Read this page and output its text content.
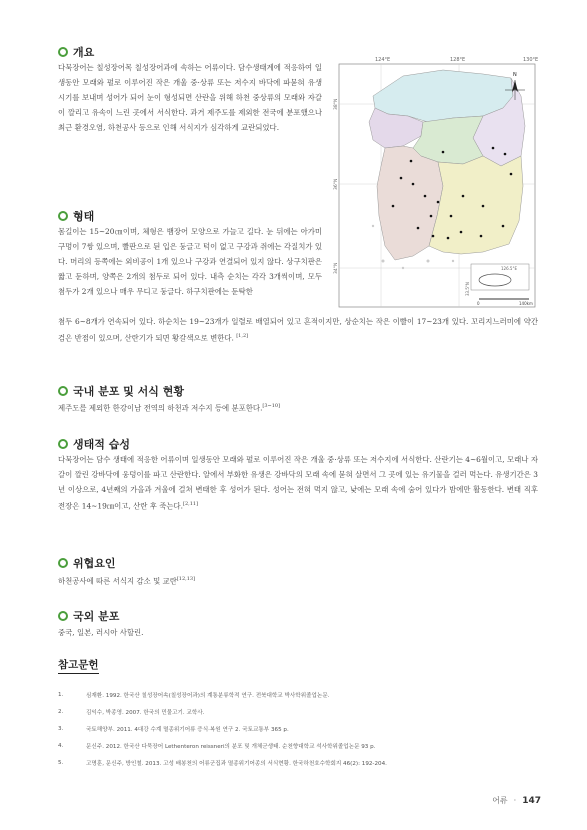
개요

다묵장어는 칠성장어목 칠성장어과에 속하는 어류이다. 담수생태계에 적응하여 일생동안 모래와 펄로 이루어진 작은 개울 중·상류 또는 저수지 바닥에 파묻혀 유생 시기를 보내며 성어가 되어 눈이 형성되면 산란을 위해 하천 중상류의 모래와 자갈이 깔리고 유속이 느린 곳에서 서식한다. 과거 제주도를 제외한 전국에 분포했으나 최근 환경오염, 하천공사 등으로 인해 서식지가 심각하게 교란되었다.

형태

몸길이는 15~20㎝이며, 체형은 뱀장어 모양으로 가늘고 길다. 눈 뒤에는 아가미구멍이 7쌍 있으며, 빨판으로 된 입은 둥글고 턱이 없고 구강과 쥐에는 각질치가 있다. 머리의 등쪽에는 외비공이 1개 있으나 구강과 연결되어 있지 않다. 상구치판은 짧고 둔하며, 양쪽은 2개의 첨두로 되어 있다. 내측 순치는 각각 3개씩이며, 모두 첨두가 2개 있으나 매우 무디고 둥글다. 하구치판에는 둔탁한

첨두 6~8개가 연속되어 있다. 하순치는 19~23개가 일렬로 배열되어 있고 흔적이지만, 상순치는 작은 이빨이 17~23개 있다. 꼬리지느러미에 약간 검은 반점이 있으며, 산란기가 되면 황갈색으로 변한다. [1,2]

국내 분포 및 서식 현황

제주도를 제외한 한강이남 전역의 하천과 저수지 등에 분포한다.[3~10]

생태적 습성

다묵장어는 담수 생태에 적응한 어류이며 일생동안 모래와 펄로 이루어진 작은 개울 중·상류 또는 저수지에 서식한다. 산란기는 4~6월이고, 모래나 자갈이 깔린 강바닥에 웅덩이를 파고 산란한다. 알에서 부화한 유생은 강바닥의 모래 속에 묻혀 살면서 그 곳에 있는 유기물을 걸러 먹는다. 유생기간은 3년 이상으로, 4년째의 가을과 겨울에 걸쳐 변태한 후 성어가 된다. 성어는 전혀 먹지 않고, 낮에는 모래 속에 숨어 있다가 밤에만 활동한다. 변태 직후 전장은 14~19㎝이고, 산란 후 죽는다.[2,11]

위협요인

하천공사에 따른 서식지 감소 및 교란[12,13]

국외 분포

중국, 일본, 러시아 사할린.

124°E	128°E	130°E
38°N
36°N
34°N
N
126.5°E
33.5°N
0	140km
참고문헌
1.	심재환. 1992. 한국산 칠성장어속(칠성장어과)의 계통분류학적 연구. 전북대학교 박사학위졸업논문.
2.	김익수, 박종영. 2007. 한국의 민물고기. 교학사.
3.	국토해양부. 2011. 4대강 수계 멸종위기어류 증식·복원 연구 2. 국토교통부 365 p.
4.	문신주. 2012. 한국산 다묵장어 Lethenteron reissneri의 분포 및 개체군생태. 순천향대학교 석사학위졸업논문 93 p.
5.	고명훈, 문신주, 방인철. 2013. 고성 배봉천의 어류군집과 멸종위기어종의 서식현황. 한국하천호수학회지 46(2): 192-204.
어류 · 147
